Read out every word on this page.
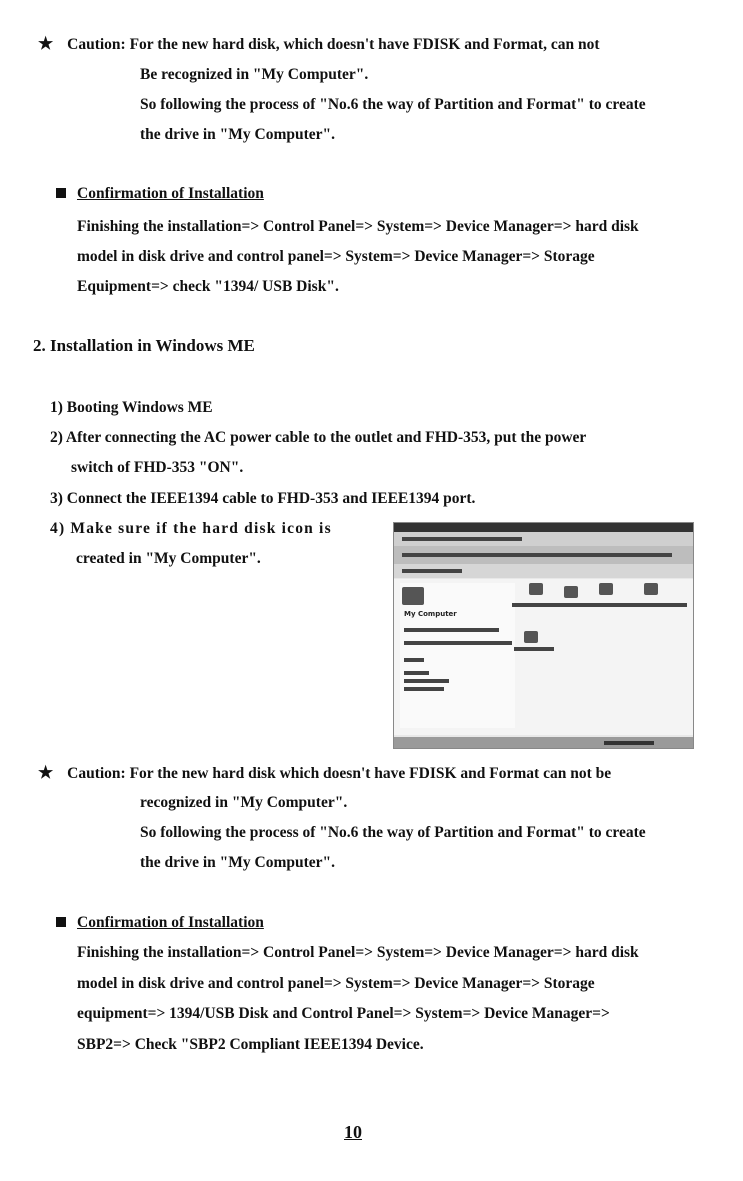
★ Caution: For the new hard disk, which doesn't have FDISK and Format, can not
Be recognized in "My Computer".
So following the process of "No.6 the way of Partition and Format" to create
the drive in "My Computer".
Confirmation of Installation
Finishing the installation=> Control Panel=> System=> Device Manager=> hard disk
model in disk drive and control panel=> System=> Device Manager=> Storage
Equipment=> check "1394/ USB Disk".
2. Installation in Windows ME
1) Booting Windows ME
2) After connecting the AC power cable to the outlet and FHD-353, put the power
switch of FHD-353 "ON".
3) Connect the IEEE1394 cable to FHD-353 and IEEE1394 port.
4) Make sure if the hard disk icon is
created in "My Computer".
My Computer
★ Caution: For the new hard disk which doesn't have FDISK and Format can not be
recognized in "My Computer".
So following the process of "No.6 the way of Partition and Format" to create
the drive in "My Computer".
Confirmation of Installation
Finishing the installation=> Control Panel=> System=> Device Manager=> hard disk
model in disk drive and control panel=> System=> Device Manager=> Storage
equipment=> 1394/USB Disk and Control Panel=> System=> Device Manager=>
SBP2=> Check "SBP2 Compliant IEEE1394 Device.
10
